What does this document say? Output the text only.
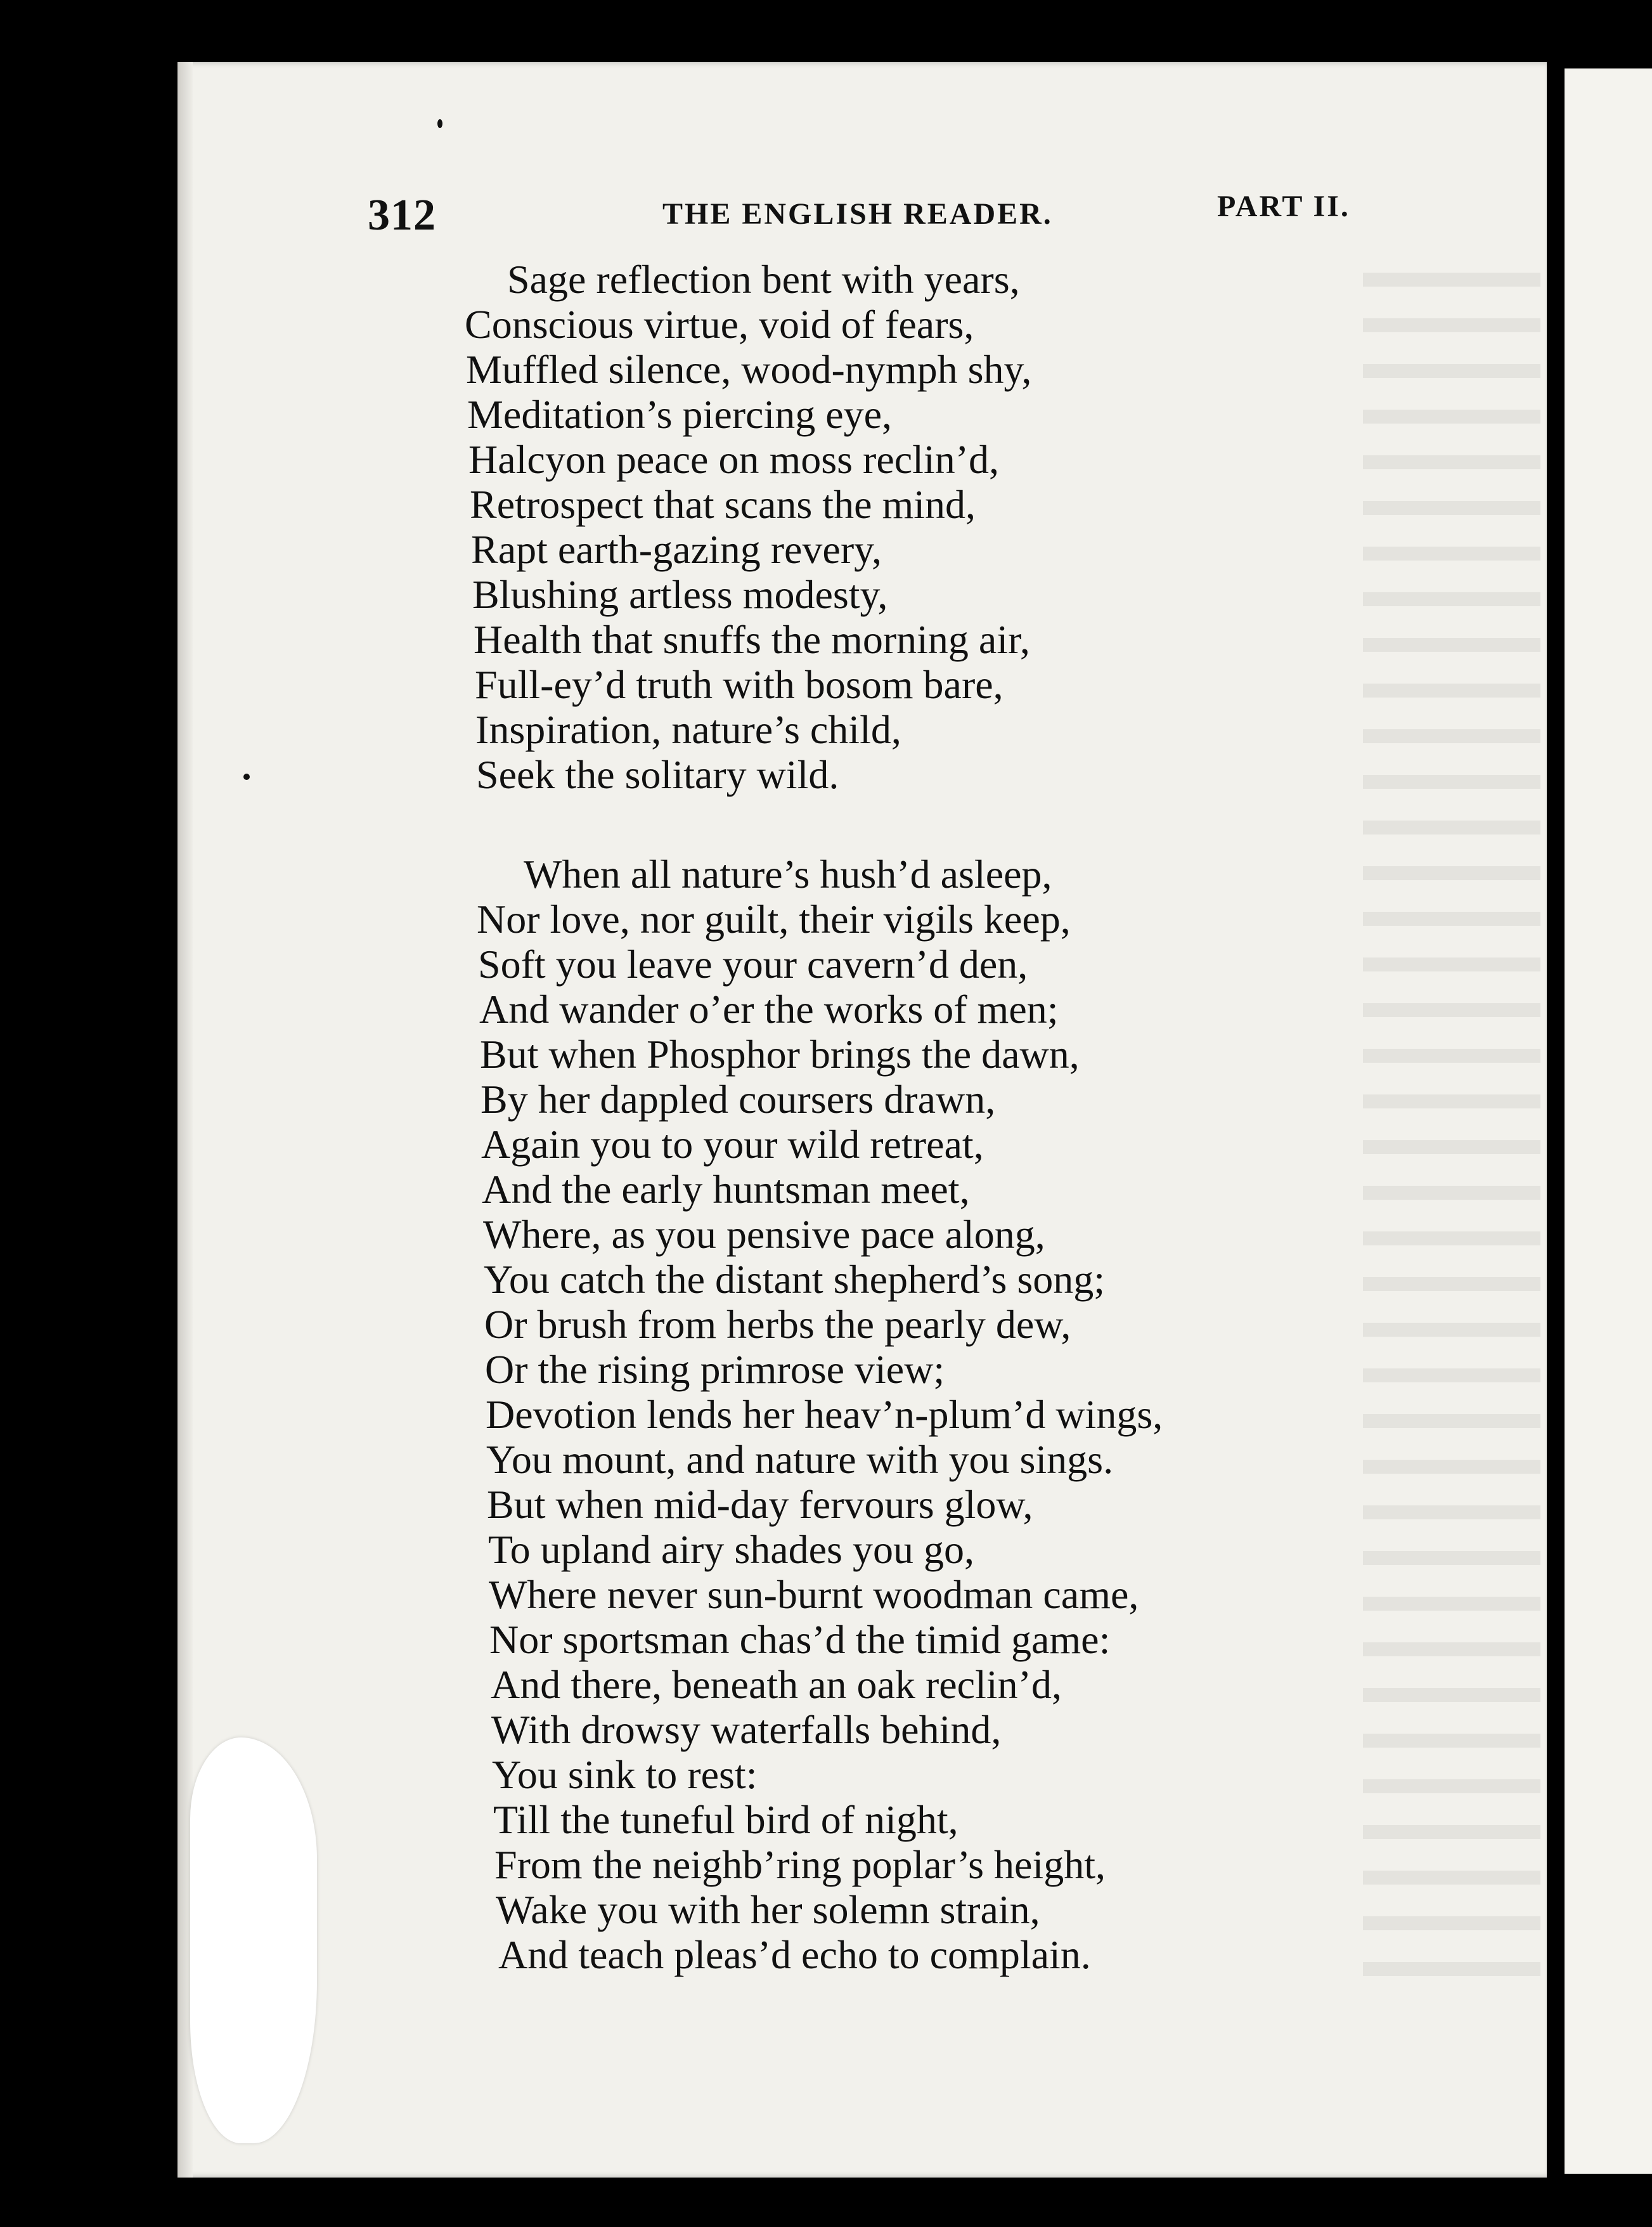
312	THE ENGLISH READER.	PART II.
Sage reflection bent with years,
Conscious virtue, void of fears,
Muffled silence, wood-nymph shy,
Meditation’s piercing eye,
Halcyon peace on moss reclin’d,
Retrospect that scans the mind,
Rapt earth-gazing revery,
Blushing artless modesty,
Health that snuffs the morning air,
Full-ey’d truth with bosom bare,
Inspiration, nature’s child,
Seek the solitary wild.
When all nature’s hush’d asleep,
Nor love, nor guilt, their vigils keep,
Soft you leave your cavern’d den,
And wander o’er the works of men;
But when Phosphor brings the dawn,
By her dappled coursers drawn,
Again you to your wild retreat,
And the early huntsman meet,
Where, as you pensive pace along,
You catch the distant shepherd’s song;
Or brush from herbs the pearly dew,
Or the rising primrose view;
Devotion lends her heav’n-plum’d wings,
You mount, and nature with you sings.
But when mid-day fervours glow,
To upland airy shades you go,
Where never sun-burnt woodman came,
Nor sportsman chas’d the timid game:
And there, beneath an oak reclin’d,
With drowsy waterfalls behind,
You sink to rest:
Till the tuneful bird of night,
From the neighb’ring poplar’s height,
Wake you with her solemn strain,
And teach pleas’d echo to complain.
